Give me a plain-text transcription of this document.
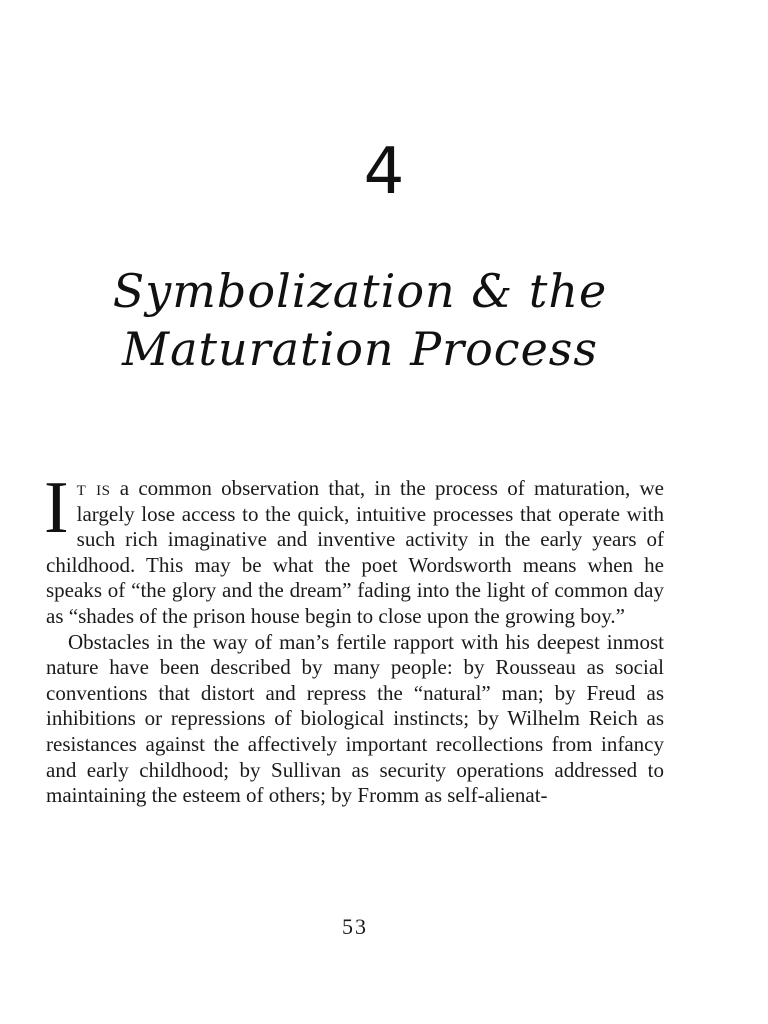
4
Symbolization & the
Maturation Process

It is a common observation that, in the process of maturation, we largely lose access to the quick, intuitive processes that operate with such rich imaginative and inventive activity in the early years of childhood. This may be what the poet Wordsworth means when he speaks of “the glory and the dream” fading into the light of common day as “shades of the prison house begin to close upon the growing boy.”

Obstacles in the way of man’s fertile rapport with his deepest inmost nature have been described by many people: by Rousseau as social conventions that distort and repress the “natural” man; by Freud as inhibitions or repressions of biological instincts; by Wilhelm Reich as resistances against the affectively important recollections from infancy and early childhood; by Sullivan as security operations addressed to maintaining the esteem of others; by Fromm as self-alienat-

53
